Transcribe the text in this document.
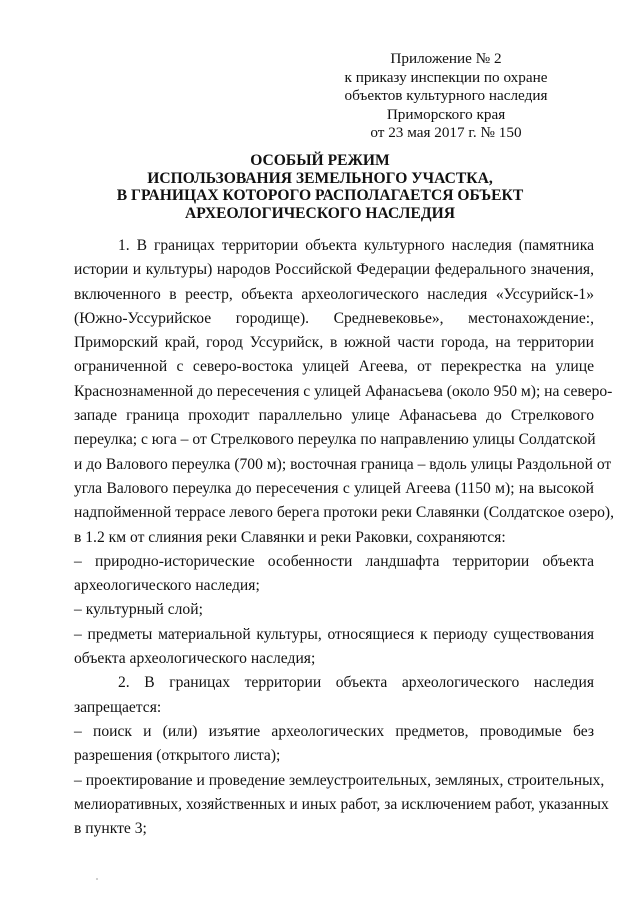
Приложение № 2
к приказу инспекции по охране
объектов культурного наследия
Приморского края
от 23 мая 2017 г. № 150
ОСОБЫЙ РЕЖИМ
ИСПОЛЬЗОВАНИЯ ЗЕМЕЛЬНОГО УЧАСТКА,
В ГРАНИЦАХ КОТОРОГО РАСПОЛАГАЕТСЯ ОБЪЕКТ
АРХЕОЛОГИЧЕСКОГО НАСЛЕДИЯ
1. В границах территории объекта культурного наследия (памятника
истории и культуры) народов Российской Федерации федерального значения,
включенного в реестр, объекта археологического наследия «Уссурийск-1»
(Южно-Уссурийское городище). Средневековье», местонахождение:,
Приморский край, город Уссурийск, в южной части города, на территории
ограниченной с северо-востока улицей Агеева, от перекрестка на улице
Краснознаменной до пересечения с улицей Афанасьева (около 950 м); на северо-
западе граница проходит параллельно улице Афанасьева до Стрелкового
переулка; с юга – от Стрелкового переулка по направлению улицы Солдатской
и до Валового переулка (700 м); восточная граница – вдоль улицы Раздольной от
угла Валового переулка до пересечения с улицей Агеева (1150 м); на высокой
надпойменной террасе левого берега протоки реки Славянки (Солдатское озеро),
в 1.2 км от слияния реки Славянки и реки Раковки, сохраняются:
– природно-исторические особенности ландшафта территории объекта
археологического наследия;
– культурный слой;
– предметы материальной культуры, относящиеся к периоду существования
объекта археологического наследия;
2. В границах территории объекта археологического наследия
запрещается:
– поиск и (или) изъятие археологических предметов, проводимые без
разрешения (открытого листа);
– проектирование и проведение землеустроительных, земляных, строительных,
мелиоративных, хозяйственных и иных работ, за исключением работ, указанных
в пункте 3;
